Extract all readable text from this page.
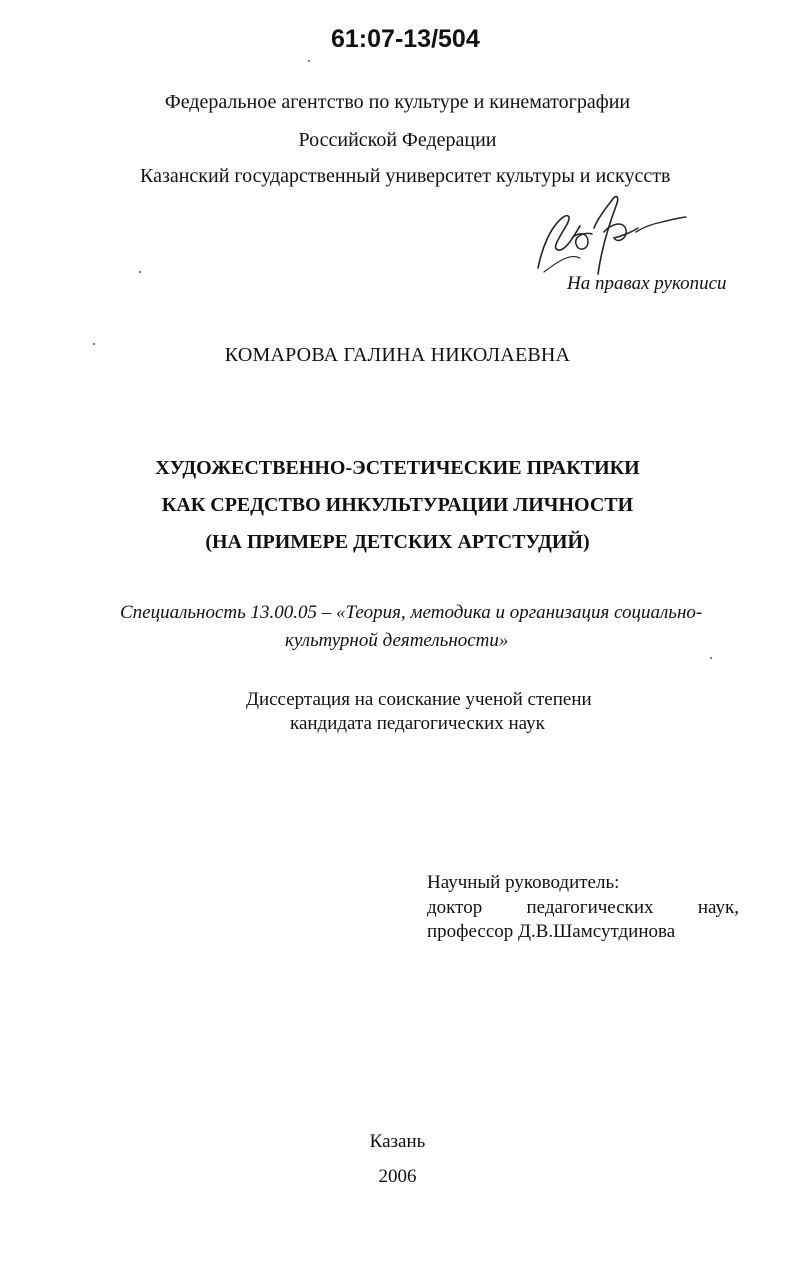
61:07-13/504
Федеральное агентство по культуре и кинематографии
Российской Федерации
Казанский государственный университет культуры и искусств
На правах рукописи
КОМАРОВА ГАЛИНА НИКОЛАЕВНА
ХУДОЖЕСТВЕННО-ЭСТЕТИЧЕСКИЕ ПРАКТИКИ
КАК СРЕДСТВО ИНКУЛЬТУРАЦИИ ЛИЧНОСТИ
(НА ПРИМЕРЕ ДЕТСКИХ АРТСТУДИЙ)
Специальность 13.00.05 – «Теория, методика и организация социально-
культурной деятельности»
Диссертация на соискание ученой степени
кандидата педагогических наук
Научный руководитель:
доктор педагогических наук,
профессор Д.В.Шамсутдинова
Казань
2006
